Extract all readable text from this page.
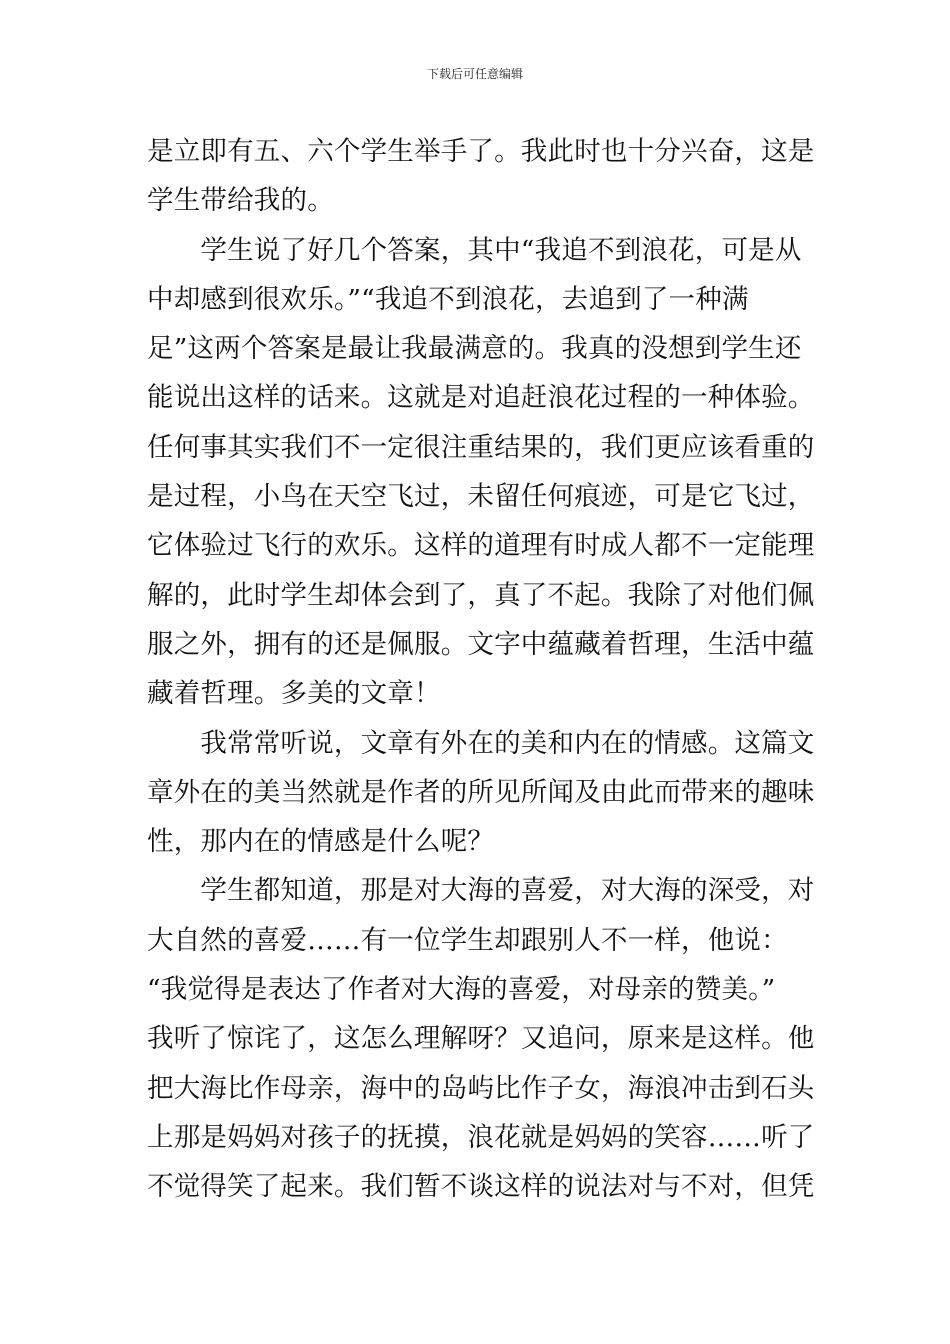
下载后可任意编辑
是立即有五、六个学生举手了。我此时也十分兴奋，这是
学生带给我的。
　　学生说了好几个答案，其中“我追不到浪花，可是从
中却感到很欢乐。”“我追不到浪花，去追到了一种满
足”这两个答案是最让我最满意的。我真的没想到学生还
能说出这样的话来。这就是对追赶浪花过程的一种体验。
任何事其实我们不一定很注重结果的，我们更应该看重的
是过程，小鸟在天空飞过，未留任何痕迹，可是它飞过，
它体验过飞行的欢乐。这样的道理有时成人都不一定能理
解的，此时学生却体会到了，真了不起。我除了对他们佩
服之外，拥有的还是佩服。文字中蕴藏着哲理，生活中蕴
藏着哲理。多美的文章！
　　我常常听说，文章有外在的美和内在的情感。这篇文
章外在的美当然就是作者的所见所闻及由此而带来的趣味
性，那内在的情感是什么呢？
　　学生都知道，那是对大海的喜爱，对大海的深受，对
大自然的喜爱……有一位学生却跟别人不一样，他说：
“我觉得是表达了作者对大海的喜爱，对母亲的赞美。”
我听了惊诧了，这怎么理解呀？又追问，原来是这样。他
把大海比作母亲，海中的岛屿比作子女，海浪冲击到石头
上那是妈妈对孩子的抚摸，浪花就是妈妈的笑容……听了
不觉得笑了起来。我们暂不谈这样的说法对与不对，但凭
